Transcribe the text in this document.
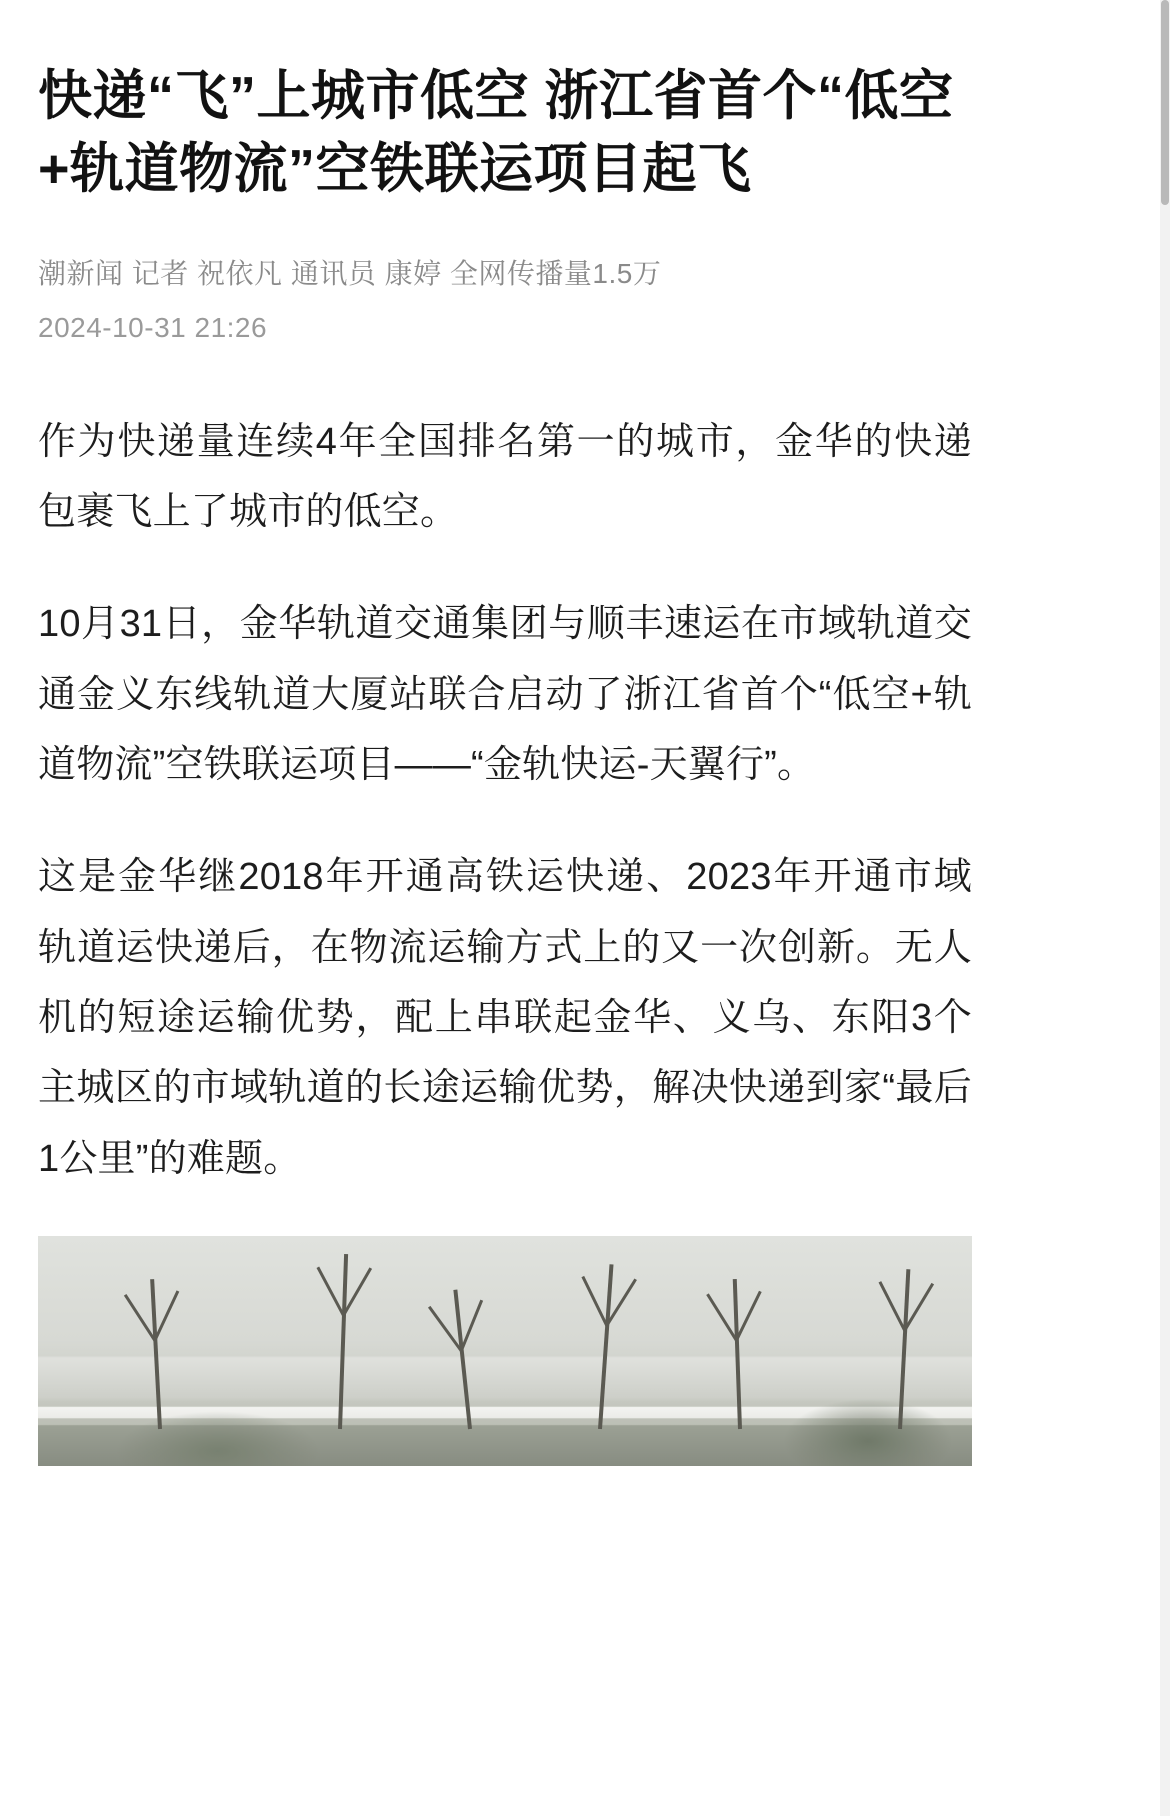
快递“飞”上城市低空 浙江省首个“低空+轨道物流”空铁联运项目起飞
潮新闻 记者 祝依凡 通讯员 康婷 全网传播量1.5万
2024-10-31 21:26

作为快递量连续4年全国排名第一的城市，金华的快递包裹飞上了城市的低空。

10月31日，金华轨道交通集团与顺丰速运在市域轨道交通金义东线轨道大厦站联合启动了浙江省首个“低空+轨道物流”空铁联运项目——“金轨快运-天翼行”。

这是金华继2018年开通高铁运快递、2023年开通市域轨道运快递后，在物流运输方式上的又一次创新。无人机的短途运输优势，配上串联起金华、义乌、东阳3个主城区的市域轨道的长途运输优势，解决快递到家“最后1公里”的难题。
